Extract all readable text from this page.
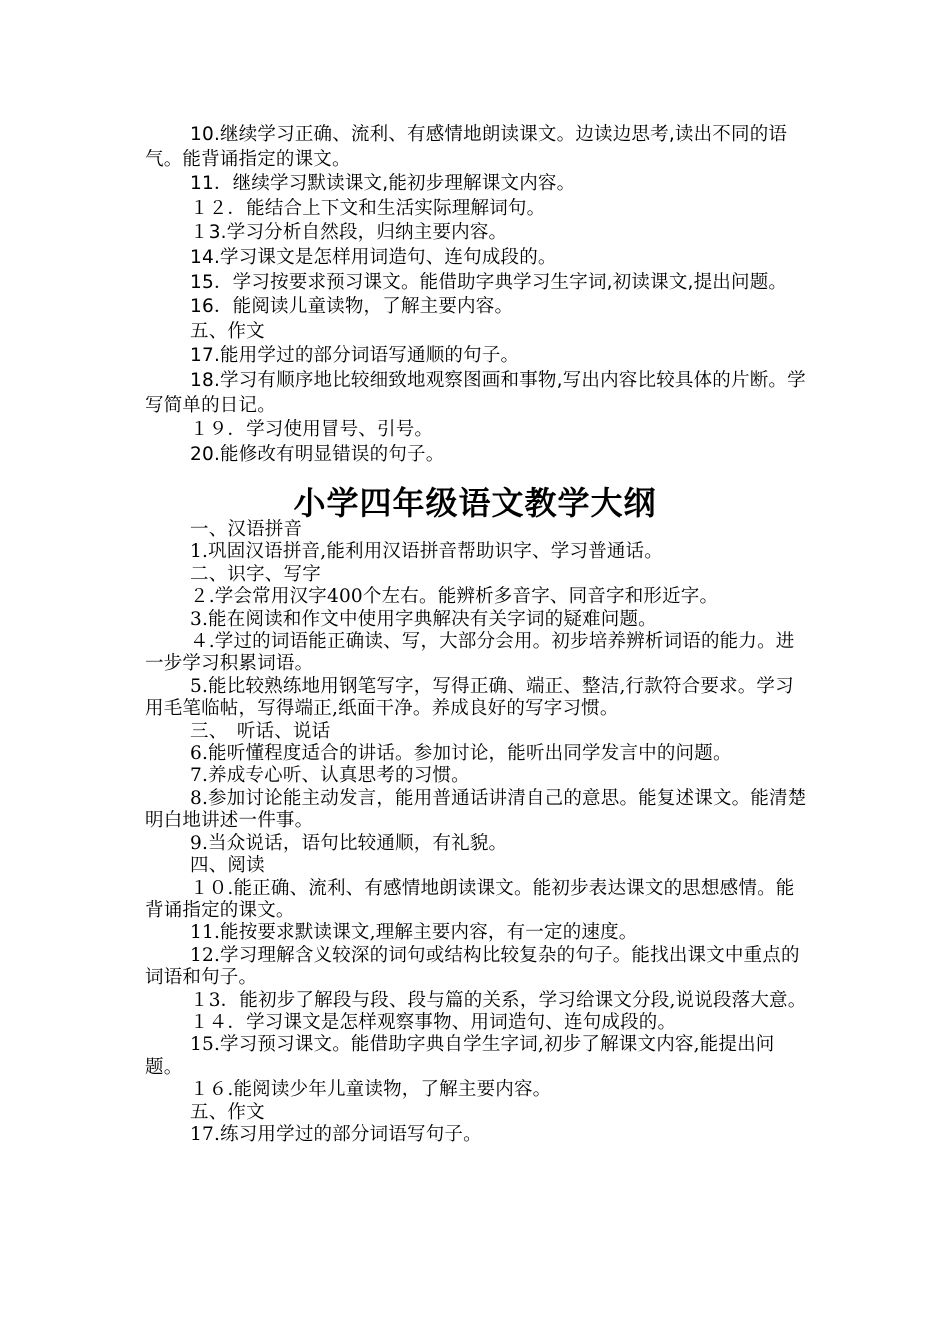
10.继续学习正确、流利、有感情地朗读课文。边读边思考,读出不同的语气。能背诵指定的课文。

11．继续学习默读课文,能初步理解课文内容。

１２．能结合上下文和生活实际理解词句。

１3.学习分析自然段，归纳主要内容。

14.学习课文是怎样用词造句、连句成段的。

15．学习按要求预习课文。能借助字典学习生字词,初读课文,提出问题。

16．能阅读儿童读物，了解主要内容。

五、作文

17.能用学过的部分词语写通顺的句子。

18.学习有顺序地比较细致地观察图画和事物,写出内容比较具体的片断。学写简单的日记。

１９．学习使用冒号、引号。

20.能修改有明显错误的句子。

小学四年级语文教学大纲

一、汉语拼音

1.巩固汉语拼音,能利用汉语拼音帮助识字、学习普通话。

二、识字、写字

２.学会常用汉字400个左右。能辨析多音字、同音字和形近字。

3.能在阅读和作文中使用字典解决有关字词的疑难问题。

４.学过的词语能正确读、写，大部分会用。初步培养辨析词语的能力。进一步学习积累词语。

5.能比较熟练地用钢笔写字，写得正确、端正、整洁,行款符合要求。学习用毛笔临帖，写得端正,纸面干净。养成良好的写字习惯。

三、　听话、说话

6.能听懂程度适合的讲话。参加讨论，能听出同学发言中的问题。

7.养成专心听、认真思考的习惯。

8.参加讨论能主动发言，能用普通话讲清自己的意思。能复述课文。能清楚明白地讲述一件事。

9.当众说话，语句比较通顺，有礼貌。

四、阅读

１０.能正确、流利、有感情地朗读课文。能初步表达课文的思想感情。能背诵指定的课文。

11.能按要求默读课文,理解主要内容，有一定的速度。

12.学习理解含义较深的词句或结构比较复杂的句子。能找出课文中重点的词语和句子。

１3．能初步了解段与段、段与篇的关系，学习给课文分段,说说段落大意。

１４．学习课文是怎样观察事物、用词造句、连句成段的。

15.学习预习课文。能借助字典自学生字词,初步了解课文内容,能提出问题。

１６.能阅读少年儿童读物，了解主要内容。

五、作文

17.练习用学过的部分词语写句子。
